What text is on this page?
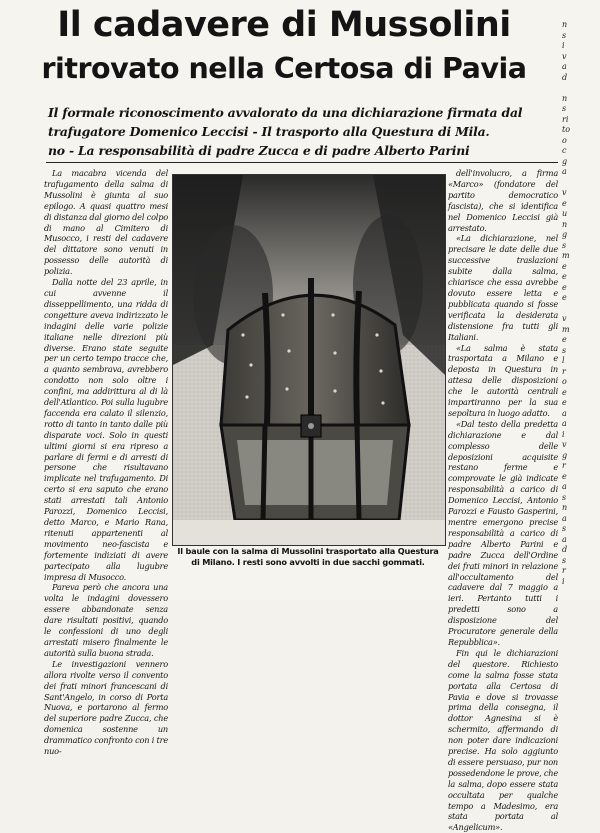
Il cadavere di Mussolini
ritrovato nella Certosa di Pavia
Il formale riconoscimento avvalorato da una dichiarazione firmata dal
trafugatore Domenico Leccisi - Il trasporto alla Questura di Mila.
no - La responsabilità di padre Zucca e di padre Alberto Parini

La macabra vicenda del trafugamento della salma di Mussolini è giunta al suo epilogo. A quasi quattro mesi di distanza dal giorno del colpo di mano al Cimitero di Musocco, i resti del cadavere del dittatore sono venuti in possesso delle autorità di polizia.

Dalla notte del 23 aprile, in cui avvenne il disseppellimento, una ridda di congetture aveva indirizzato le indagini delle varie polizie italiane nelle direzioni più diverse. Erano state seguite per un certo tempo tracce che, a quanto sembrava, avrebbero condotto non solo oltre i confini, ma addirittura al di là dell'Atlantico. Poi sulla lugubre faccenda era calato il silenzio, rotto di tanto in tanto dalle più disparate voci. Solo in questi ultimi giorni si era ripreso a parlare di fermi e di arresti di persone che risultavano implicate nel trafugamento. Di certo si era saputo che erano stati arrestati tali Antonio Parozzi, Domenico Leccisi, detto Marco, e Mario Rana, ritenuti appartenenti al movimento neo-fascista e fortemente indiziati di avere partecipato alla lugubre impresa di Musocco.

Pareva però che ancora una volta le indagini dovessero essere abbandonate senza dare risultati positivi, quando le confessioni di uno degli arrestati misero finalmente le autorità sulla buona strada.

Le investigazioni vennero allora rivolte verso il convento dei frati minori francescani di Sant'Angelo, in corso di Porta Nuova, e portarono al fermo del superiore padre Zucca, che domenica sostenne un drammatico confronto con i tre nuo-

Il baule con la salma di Mussolini trasportato alla Questura
di Milano. I resti sono avvolti in due sacchi gommati.

dell'involucro, a firma «Marco» (fondatore del partito democratico fascista), che si identifica nel Domenico Leccisi già arrestato.

«La dichiarazione, nel precisare le date delle due successive traslazioni subite dalla salma, chiarisce che essa avrebbe dovuto essere letta e pubblicata quando si fosse verificata la desiderata distensione fra tutti gli Italiani.

«La salma è stata trasportata a Milano e deposta in Questura in attesa delle disposizioni che le autorità centrali impartiranno per la sua sepoltura in luogo adatto.

«Dal testo della predetta dichiarazione e dal complesso delle deposizioni acquisite restano ferme e comprovate le già indicate responsabilità a carico di Domenico Leccisi, Antonio Parozzi e Fausto Gasperini, mentre emergono precise responsabilità a carico di padre Alberto Parini e padre Zucca dell'Ordine dei frati minori in relazione all'occultamento del cadavere dal 7 maggio a ieri. Pertanto tutti i predetti sono a disposizione del Procuratore generale della Repubblica».

Fin qui le dichiarazioni del questore. Richiesto come la salma fosse stata portata alla Certosa di Pavia e dove si trovasse prima della consegna, il dottor Agnesina si è schermito, affermando di non poter dare indicazioni precise. Ha solo aggiunto di essere persuaso, pur non possedendone le prove, che la salma, dopo essere stata occultata per qualche tempo a Madesimo, era stata portata al «Angelicum».

n
s
i
v
a
d

n
s
ri
to
o
c
g
a

v
e
u
n
g
s
m
e
e
e
e

v
m
e
s
l
r
o
e
e
a
a
i
v
g
r
e
a
s
n
a
s
a
d
s
r
i
